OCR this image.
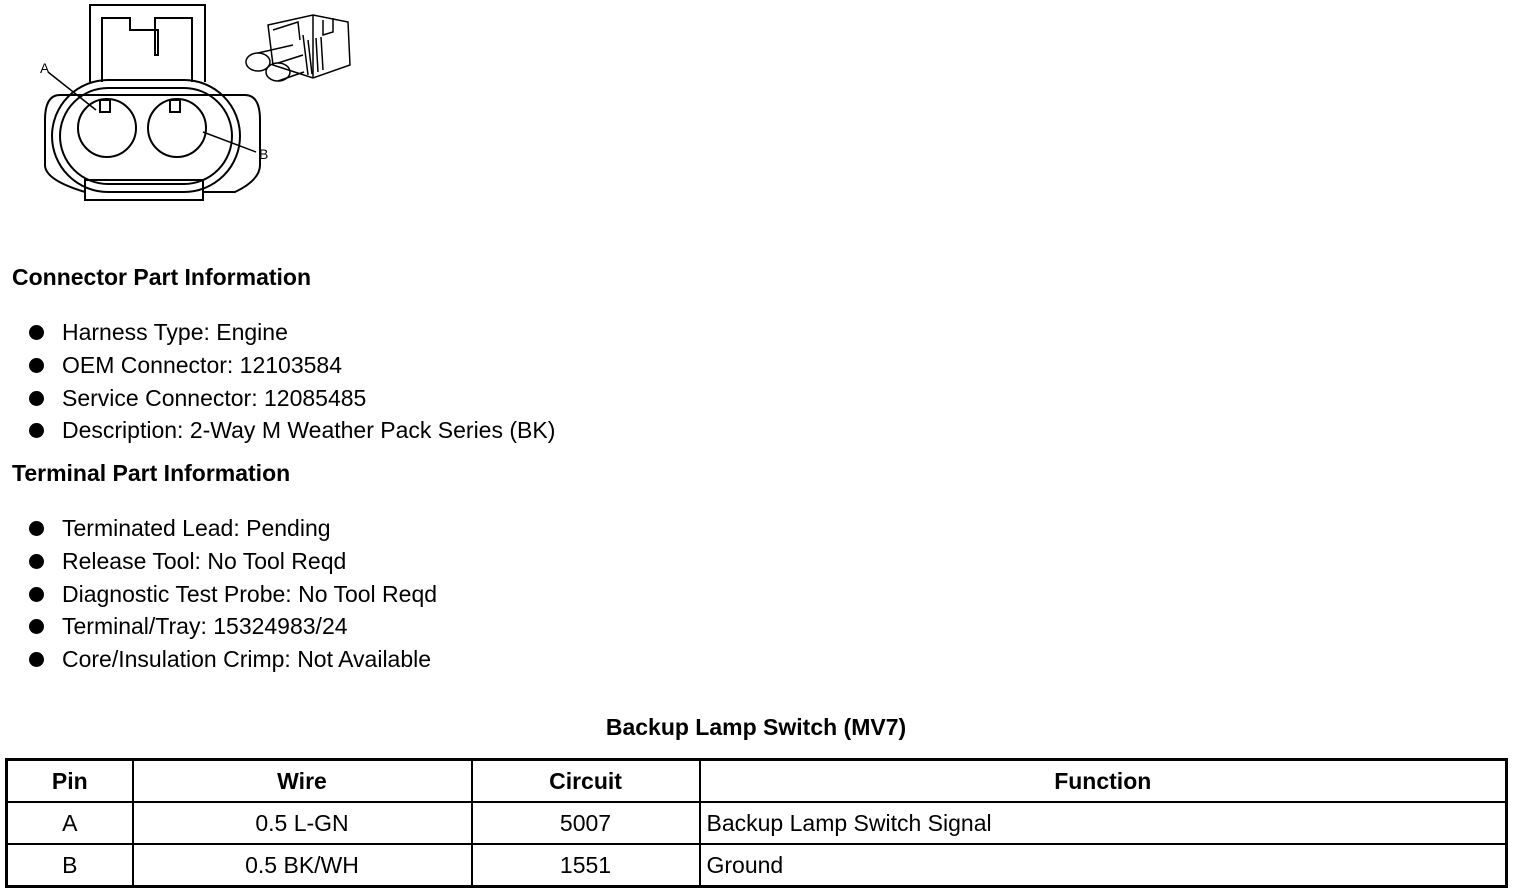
A
B
Connector Part Information
Harness Type: Engine
OEM Connector: 12103584
Service Connector: 12085485
Description: 2-Way M Weather Pack Series (BK)
Terminal Part Information
Terminated Lead: Pending
Release Tool: No Tool Reqd
Diagnostic Test Probe: No Tool Reqd
Terminal/Tray: 15324983/24
Core/Insulation Crimp: Not Available
Backup Lamp Switch (MV7)
Pin	Wire	Circuit	Function
A	0.5 L-GN	5007	Backup Lamp Switch Signal
B	0.5 BK/WH	1551	Ground
